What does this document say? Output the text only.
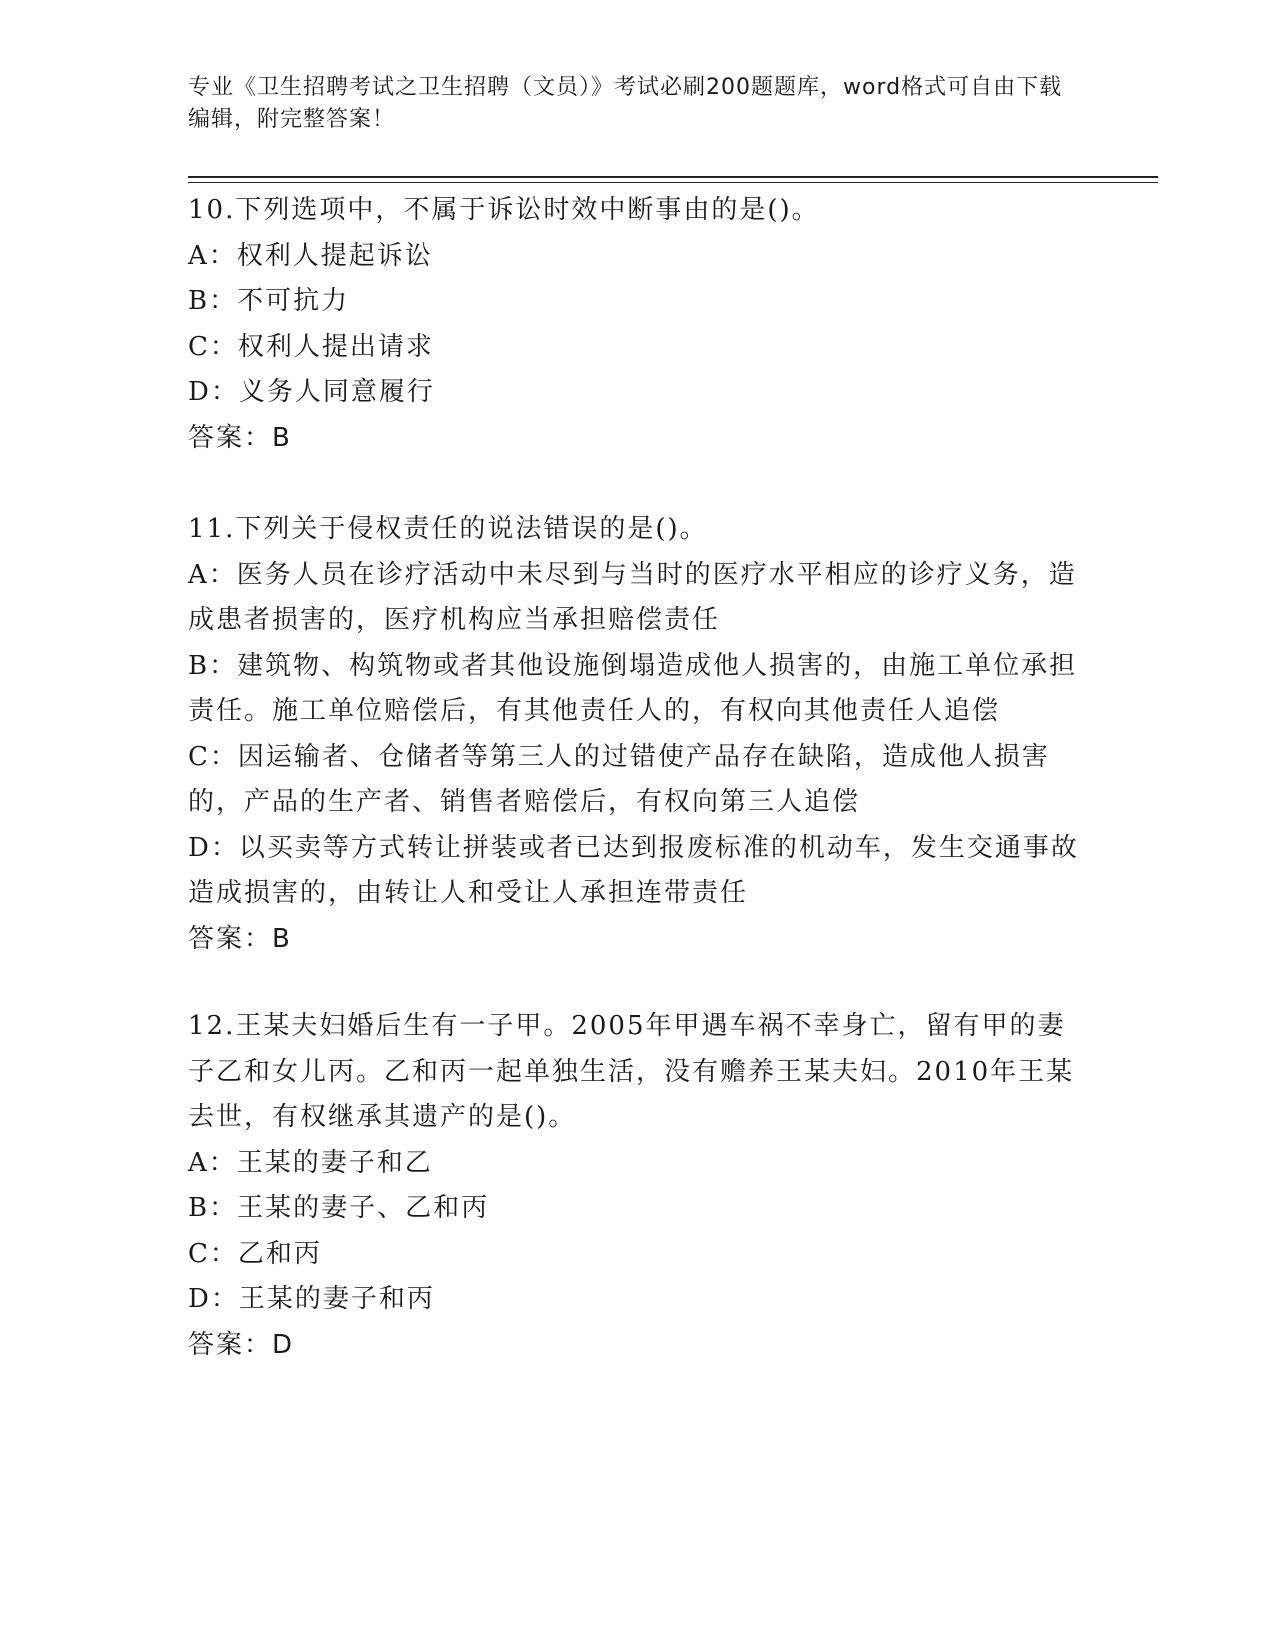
专业《卫生招聘考试之卫生招聘（文员）》考试必刷200题题库，word格式可自由下载编辑，附完整答案！
10.下列选项中，不属于诉讼时效中断事由的是()。
A：权利人提起诉讼
B：不可抗力
C：权利人提出请求
D：义务人同意履行
答案：B
11.下列关于侵权责任的说法错误的是()。
A：医务人员在诊疗活动中未尽到与当时的医疗水平相应的诊疗义务，造成患者损害的，医疗机构应当承担赔偿责任
B：建筑物、构筑物或者其他设施倒塌造成他人损害的，由施工单位承担责任。施工单位赔偿后，有其他责任人的，有权向其他责任人追偿
C：因运输者、仓储者等第三人的过错使产品存在缺陷，造成他人损害的，产品的生产者、销售者赔偿后，有权向第三人追偿
D：以买卖等方式转让拼装或者已达到报废标准的机动车，发生交通事故造成损害的，由转让人和受让人承担连带责任
答案：B
12.王某夫妇婚后生有一子甲。2005年甲遇车祸不幸身亡，留有甲的妻子乙和女儿丙。乙和丙一起单独生活，没有赡养王某夫妇。2010年王某去世，有权继承其遗产的是()。
A：王某的妻子和乙
B：王某的妻子、乙和丙
C：乙和丙
D：王某的妻子和丙
答案：D
